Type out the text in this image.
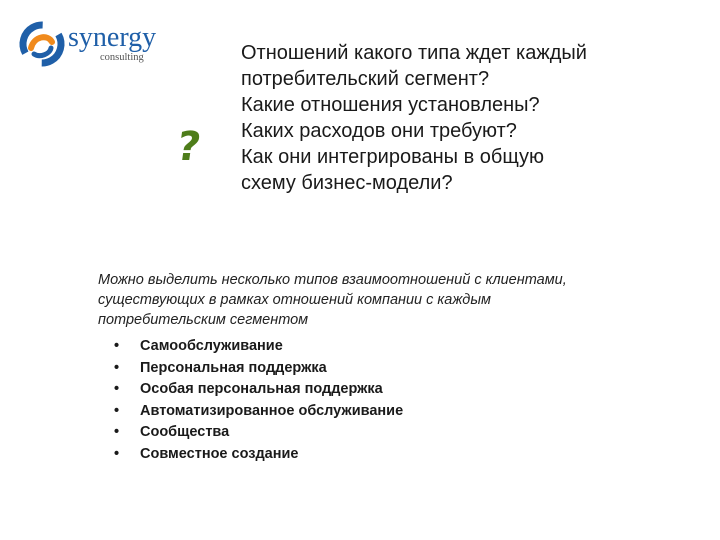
synergy
consulting
?
Отношений какого типа ждет каждый
потребительский сегмент?
Какие отношения установлены?
Каких расходов они требуют?
Как они интегрированы в общую
схему бизнес-модели?
Можно выделить несколько типов взаимоотношений с клиентами, существующих в рамках отношений компании с каждым потребительским сегментом
• Самообслуживание
• Персональная поддержка
• Особая персональная поддержка
• Автоматизированное обслуживание
• Сообщества
• Совместное создание
